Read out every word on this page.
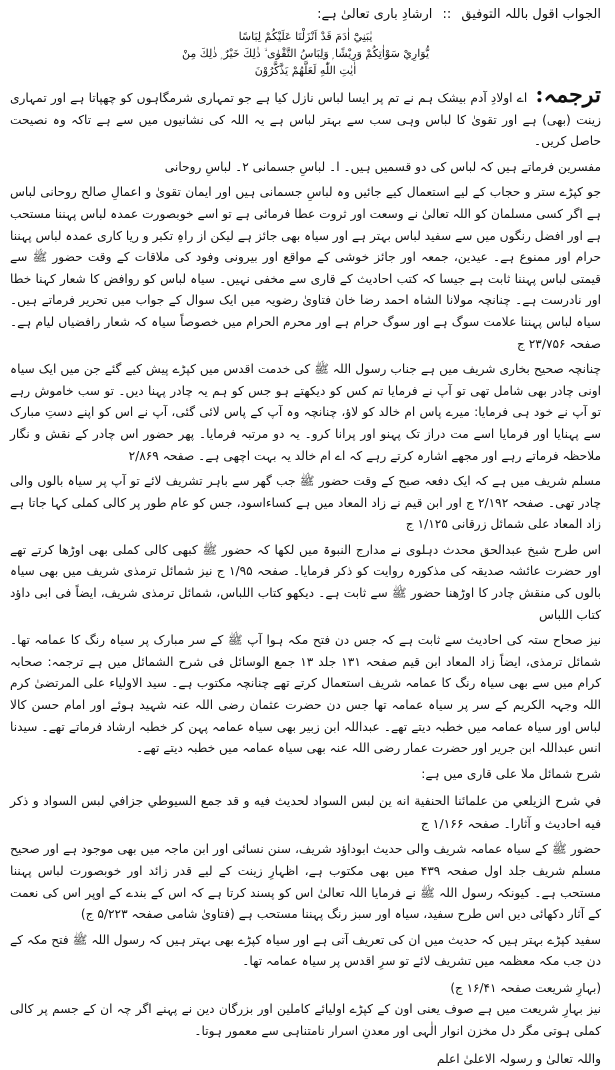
الجواب اقول باللہ التوفیق :: ارشادِ باری تعالیٰ ہے:

يٰبَنِيْٓ اٰدَمَ قَدْ اَنْزَلْنَا عَلَيْكُمْ لِبَاسًا
يُّوَارِيْ سَوْاٰتِكُمْ وَرِيْشًا ۭ وَلِبَاسُ التَّقْوٰى ۙ ذٰلِكَ خَيْرٌ ۭ ذٰلِكَ مِنْ
اٰيٰتِ اللّٰهِ لَعَلَّهُمْ يَذَّكَّرُوْنَ

ترجمہ: اے اولادِ آدم بیشک ہم نے تم پر ایسا لباس نازل کیا ہے جو تمہاری شرمگاہوں کو چھپاتا ہے اور تمہاری زینت (بھی) ہے اور تقویٰ کا لباس وہی سب سے بہتر لباس ہے یہ اللہ کی نشانیوں میں سے ہے تاکہ وہ نصیحت حاصل کریں۔

مفسرین فرماتے ہیں کہ لباس کی دو قسمیں ہیں۔ ا۔ لباسِ جسمانی ۲۔ لباسِ روحانی

جو کپڑے ستر و حجاب کے لیے استعمال کیے جائیں وہ لباسِ جسمانی ہیں اور ایمان تقویٰ و اعمالِ صالح روحانی لباس ہے اگر کسی مسلمان کو اللہ تعالیٰ نے وسعت اور ثروت عطا فرمائی ہے تو اسے خوبصورت عمدہ لباس پہننا مستحب ہے اور افضل رنگوں میں سے سفید لباس بہتر ہے اور سیاہ بھی جائز ہے لیکن از راہِ تکبر و ریا کاری عمدہ لباس پہننا حرام اور ممنوع ہے۔ عیدین، جمعہ اور جائز خوشی کے مواقع اور بیرونی وفود کی ملاقات کے وقت حضور ﷺ سے قیمتی لباس پہننا ثابت ہے جیسا کہ کتب احادیث کے قاری سے مخفی نہیں۔ سیاہ لباس کو روافض کا شعار کہنا خطا اور نادرست ہے۔ چنانچہ مولانا الشاہ احمد رضا خان فتاویٰ رضویہ میں ایک سوال کے جواب میں تحریر فرماتے ہیں۔ سیاہ لباس پہننا علامت سوگ ہے اور سوگ حرام ہے اور محرم الحرام میں خصوصاً سیاہ کہ شعار رافضیاں لیام ہے۔ صفحہ ۲۳/۷۵۶ ج

چنانچہ صحیح بخاری شریف میں ہے جناب رسول اللہ ﷺ کی خدمت اقدس میں کپڑے پیش کیے گئے جن میں ایک سیاہ اونی چادر بھی شامل تھی تو آپ نے فرمایا تم کس کو دیکھتے ہو جس کو ہم یہ چادر پہنا دیں۔ تو سب خاموش رہے تو آپ نے خود ہی فرمایا: میرے پاس ام خالد کو لاؤ، چنانچہ وہ آپ کے پاس لائی گئی، آپ نے اس کو اپنے دستِ مبارک سے پہنایا اور فرمایا اسے مت دراز تک پہنو اور پرانا کرو۔ یہ دو مرتبہ فرمایا۔ پھر حضور اس چادر کے نقش و نگار ملاحظہ فرماتے رہے اور مجھے اشارہ کرتے رہے کہ اے ام خالد یہ بہت اچھی ہے۔ صفحہ ۲/۸۶۹

مسلم شریف میں ہے کہ ایک دفعہ صبح کے وقت حضور ﷺ جب گھر سے باہر تشریف لائے تو آپ پر سیاہ بالوں والی چادر تھی۔ صفحہ ۲/۱۹۲ ج اور ابن قیم نے زاد المعاد میں ہے کساءاسود، جس کو عام طور پر کالی کملی کہا جاتا ہے زاد المعاد علی شمائل زرقانی ۱/۱۲۵ ج

اس طرح شیخ عبدالحق محدث دہلوی نے مدارج النبوۃ میں لکھا کہ حضور ﷺ کبھی کالی کملی بھی اوڑھا کرتے تھے اور حضرت عائشہ صدیقہ کی مذکورہ روایت کو ذکر فرمایا۔ صفحہ ۱/۹۵ ج نیز شمائل ترمذی شریف میں بھی سیاہ بالوں کی منقش چادر کا اوڑھنا حضور ﷺ سے ثابت ہے۔ دیکھو کتاب اللباس، شمائل ترمذی شریف، ایضاً فی ابی داؤد کتاب اللباس

نیز صحاح ستہ کی احادیث سے ثابت ہے کہ جس دن فتح مکہ ہوا آپ ﷺ کے سر مبارک پر سیاہ رنگ کا عمامہ تھا۔ شمائل ترمذی، ایضاً زاد المعاد ابن قیم صفحہ ۱۳۱ جلد ۱۳ جمع الوسائل فی شرح الشمائل میں ہے ترجمہ: صحابہ کرام میں سے بھی سیاہ رنگ کا عمامہ شریف استعمال کرتے تھے چنانچہ مکتوب ہے۔ سید الاولیاء علی المرتضیٰ کرم اللہ وجہہ الکریم کے سر پر سیاہ عمامہ تھا جس دن حضرت عثمان رضی اللہ عنہ شہید ہوئے اور امام حسن کالا لباس اور سیاہ عمامہ میں خطبہ دیتے تھے۔ عبداللہ ابن زبیر بھی سیاہ عمامہ پہن کر خطبہ ارشاد فرماتے تھے۔ سیدنا انس عبداللہ ابن جریر اور حضرت عمار رضی اللہ عنہ بھی سیاہ عمامہ میں خطبہ دیتے تھے۔

شرح شمائل ملا علی قاری میں ہے:

في شرح الزيلعي من علمائنا الحنفية انه ين لبس السواد لحديث فيه و قد جمع السيوطي جزافي لبس السواد و ذكر فيه احاديث و آثارا۔ صفحہ ۱/۱۶۶ ج

حضور ﷺ کے سیاہ عمامہ شریف والی حدیث ابوداؤد شریف، سنن نسائی اور ابن ماجہ میں بھی موجود ہے اور صحیح مسلم شریف جلد اول صفحہ ۴۳۹ میں بھی مکتوب ہے، اظہارِ زینت کے لیے قدر زائد اور خوبصورت لباس پہننا مستحب ہے۔ کیونکہ رسول اللہ ﷺ نے فرمایا اللہ تعالیٰ اس کو پسند کرتا ہے کہ اس کے بندے کے اوپر اس کی نعمت کے آثار دکھائی دیں اس طرح سفید، سیاہ اور سبز رنگ پہننا مستحب ہے (فتاویٰ شامی صفحہ ۵/۲۲۳ ج)

سفید کپڑے بہتر ہیں کہ حدیث میں ان کی تعریف آتی ہے اور سیاہ کپڑے بھی بہتر ہیں کہ رسول اللہ ﷺ فتح مکہ کے دن جب مکہ معظمہ میں تشریف لائے تو سرِ اقدس پر سیاہ عمامہ تھا۔

(بہارِ شریعت صفحہ ۱۶/۴۱ ج)

نیز بہارِ شریعت میں ہے صوف یعنی اون کے کپڑے اولیائے کاملین اور بزرگان دین نے پہنے اگر چہ ان کے جسم پر کالی کملی ہوتی مگر دل مخزن انوار الٰہی اور معدنِ اسرار نامتناہی سے معمور ہوتا۔

واللہ تعالیٰ و رسولہ الاعلیٰ اعلم
